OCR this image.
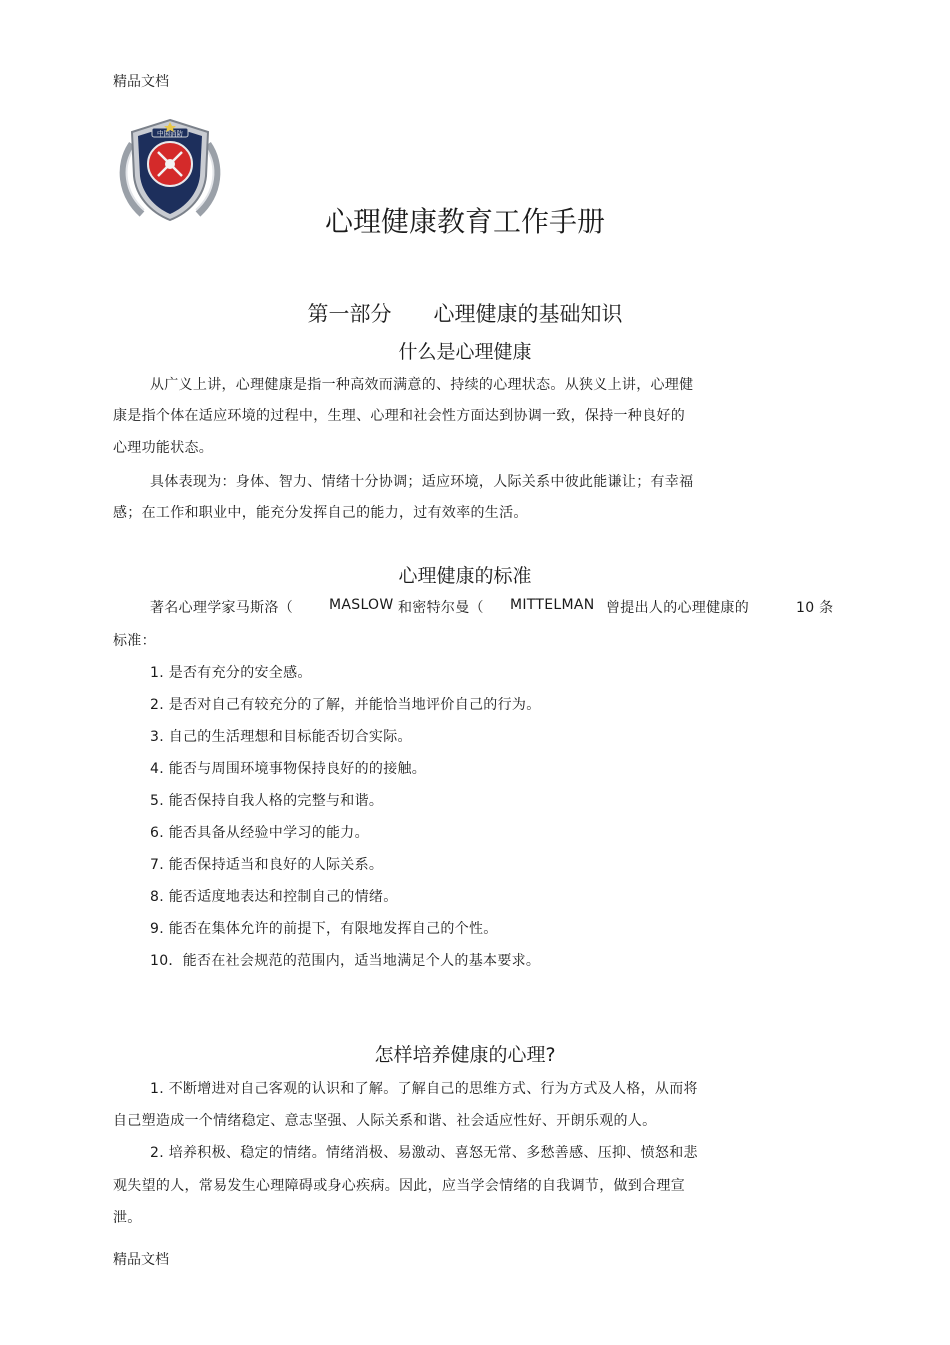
精品文档
中国消防
心理健康教育工作手册
第一部分　　心理健康的基础知识
什么是心理健康
从广义上讲，心理健康是指一种高效而满意的、持续的心理状态。从狭义上讲，心理健
康是指个体在适应环境的过程中，生理、心理和社会性方面达到协调一致，保持一种良好的
心理功能状态。
具体表现为：身体、智力、情绪十分协调；适应环境，人际关系中彼此能谦让；有幸福
感；在工作和职业中，能充分发挥自己的能力，过有效率的生活。
心理健康的标准
著名心理学家马斯洛（	MASLOW 和密特尔曼（ MITTELMAN 曾提出人的心理健康的	10 条
标准：
1. 是否有充分的安全感。
2. 是否对自己有较充分的了解，并能恰当地评价自己的行为。
3. 自己的生活理想和目标能否切合实际。
4. 能否与周围环境事物保持良好的的接触。
5. 能否保持自我人格的完整与和谐。
6. 能否具备从经验中学习的能力。
7. 能否保持适当和良好的人际关系。
8. 能否适度地表达和控制自己的情绪。
9. 能否在集体允许的前提下，有限地发挥自己的个性。
10．能否在社会规范的范围内，适当地满足个人的基本要求。
怎样培养健康的心理?
1. 不断增进对自己客观的认识和了解。了解自己的思维方式、行为方式及人格，从而将
自己塑造成一个情绪稳定、意志坚强、人际关系和谐、社会适应性好、开朗乐观的人。
2. 培养积极、稳定的情绪。情绪消极、易激动、喜怒无常、多愁善感、压抑、愤怒和悲
观失望的人，常易发生心理障碍或身心疾病。因此，应当学会情绪的自我调节，做到合理宣
泄。
精品文档
